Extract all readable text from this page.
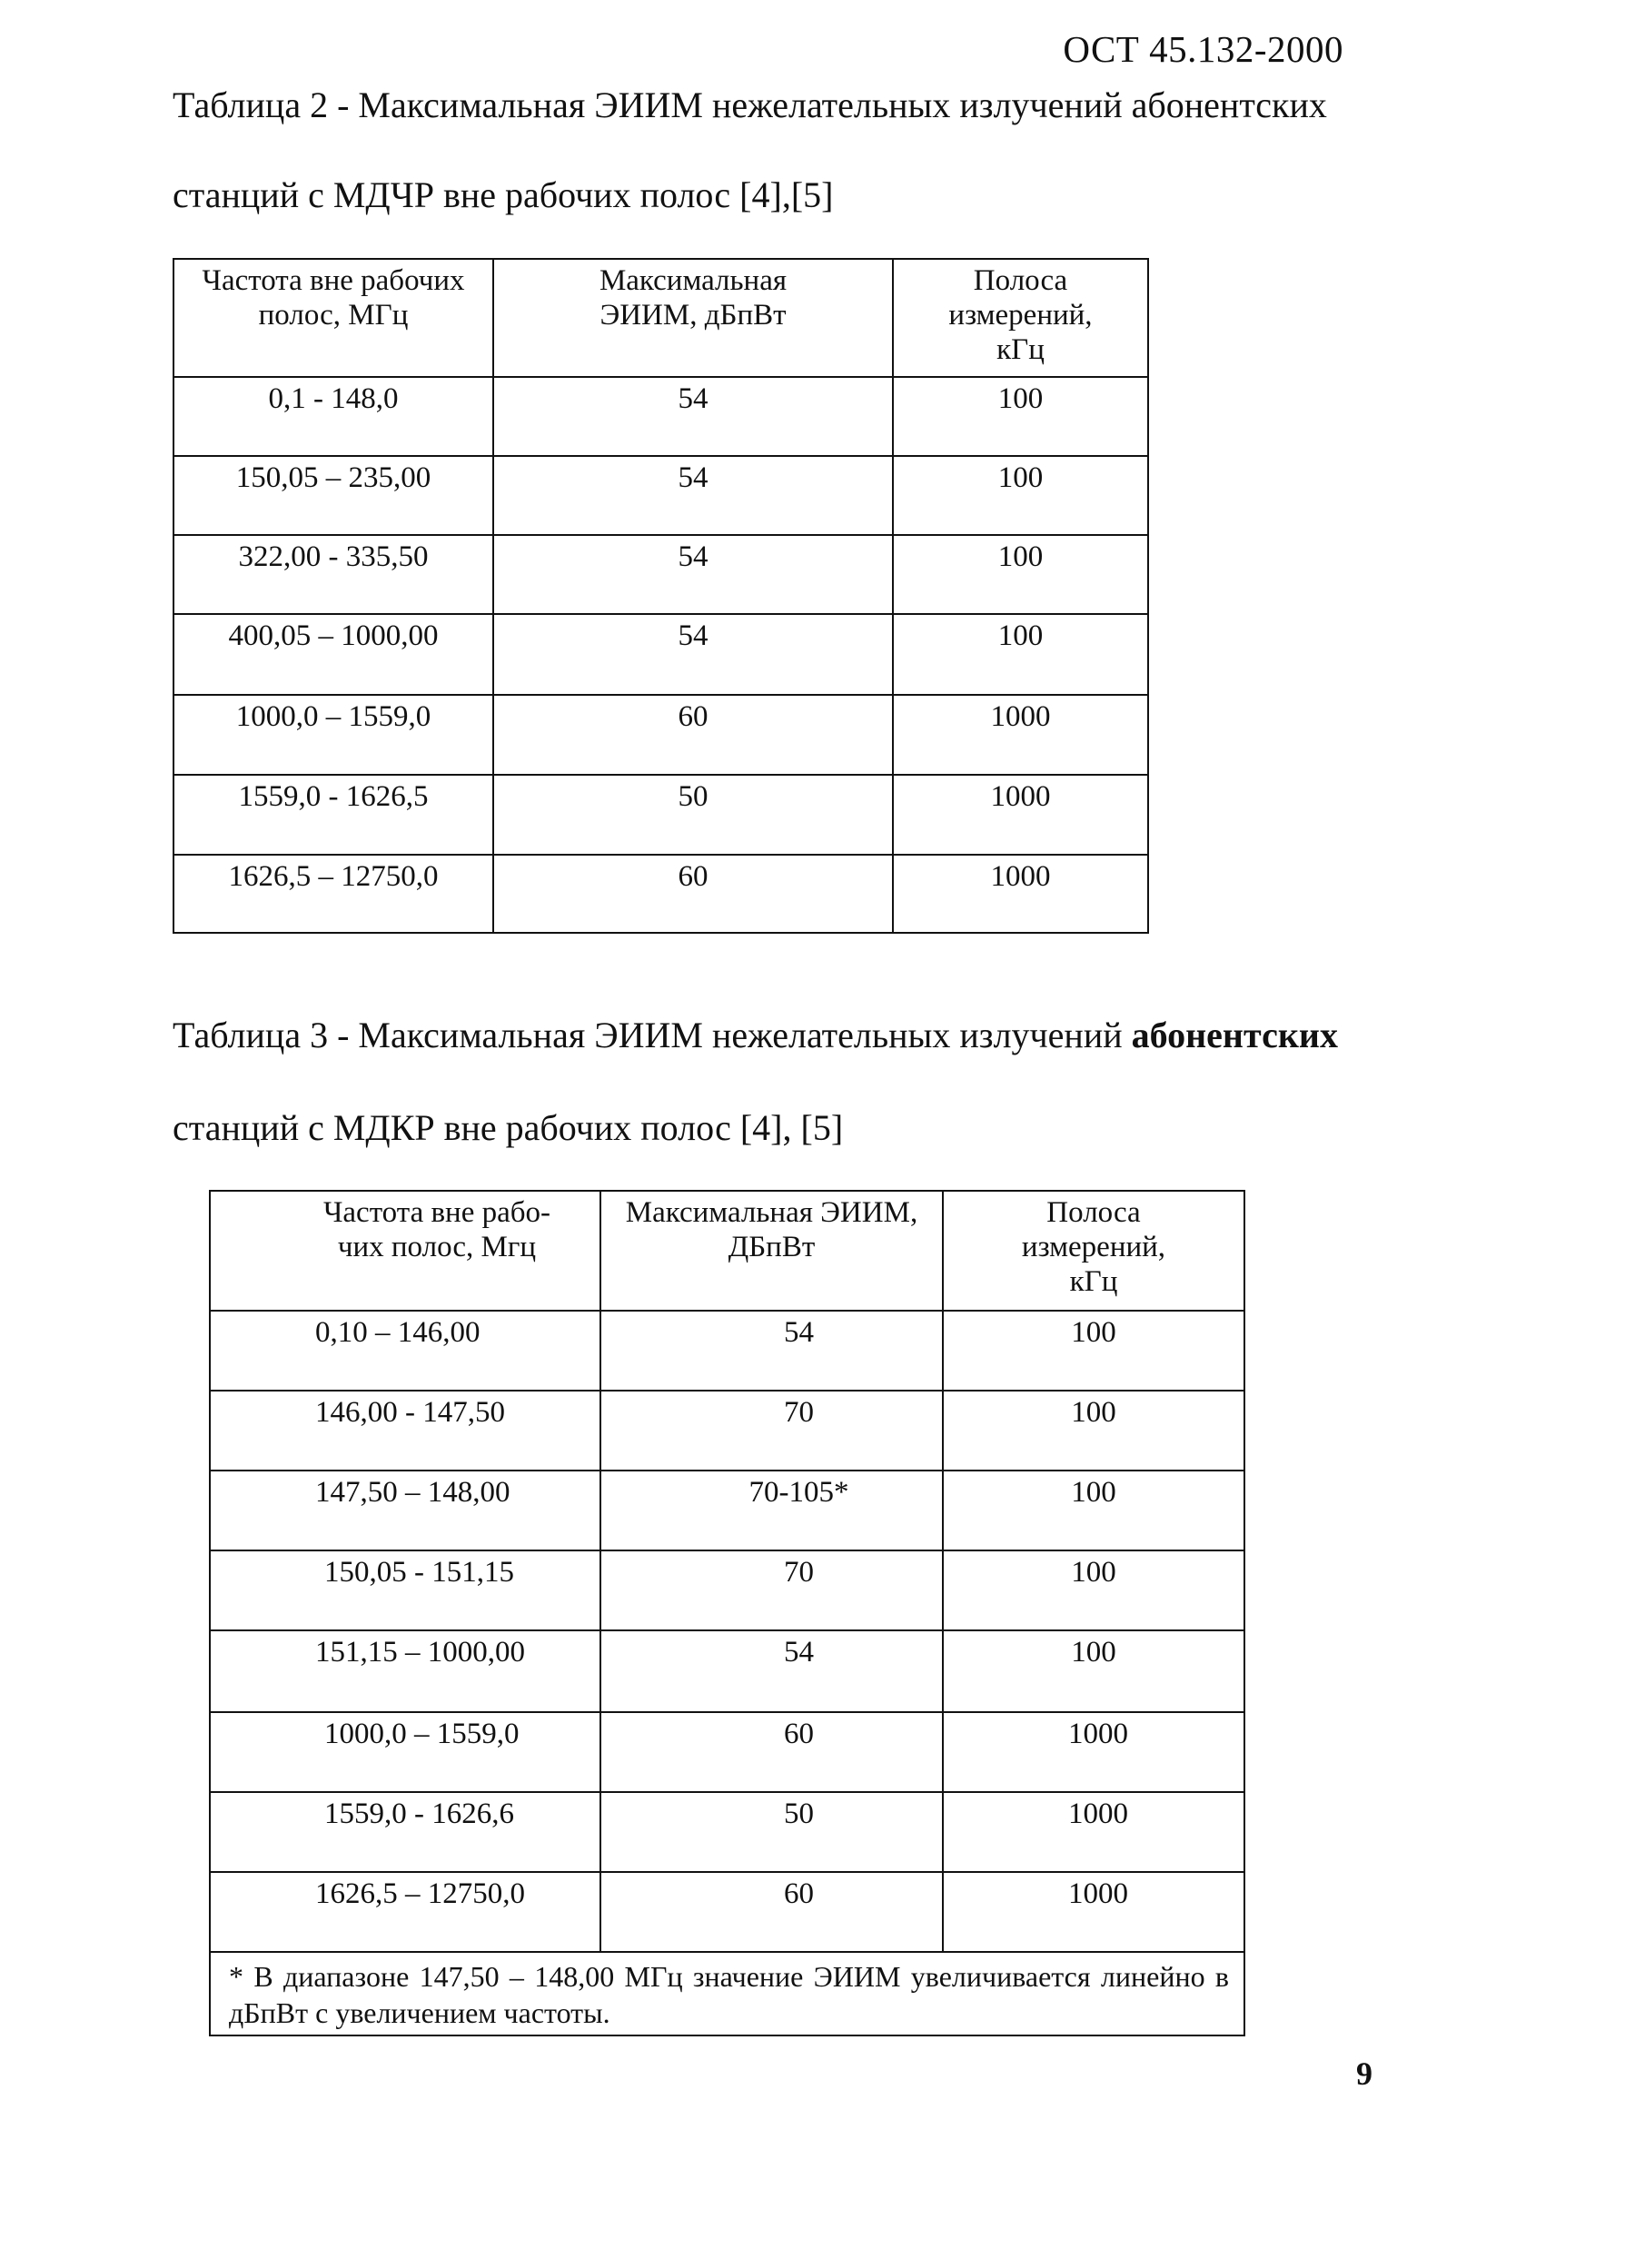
ОСТ 45.132-2000
Таблица 2 - Максимальная ЭИИМ нежелательных излучений абонентских
станций с МДЧР вне рабочих полос [4],[5]
Частота вне рабочих полос, МГц	Максимальная ЭИИМ, дБпВт	Полоса измерений, кГц
0,1 - 148,0	54	100
150,05 – 235,00	54	100
322,00 - 335,50	54	100
400,05 – 1000,00	54	100
1000,0 – 1559,0	60	1000
1559,0 - 1626,5	50	1000
1626,5 – 12750,0	60	1000
Таблица 3 - Максимальная ЭИИМ нежелательных излучений абонентских
станций с МДКР вне рабочих полос [4], [5]
Частота вне рабо-чих полос, Мгц	Максимальная ЭИИМ, ДБпВт	Полоса измерений, кГц
0,10 – 146,00	54	100
146,00 - 147,50	70	100
147,50 – 148,00	70-105*	100
150,05 - 151,15	70	100
151,15 – 1000,00	54	100
1000,0 – 1559,0	60	1000
1559,0 - 1626,6	50	1000
1626,5 – 12750,0	60	1000
* В диапазоне 147,50 – 148,00 МГц значение ЭИИМ увеличивается линейно в дБпВт с увеличением частоты.		
9
